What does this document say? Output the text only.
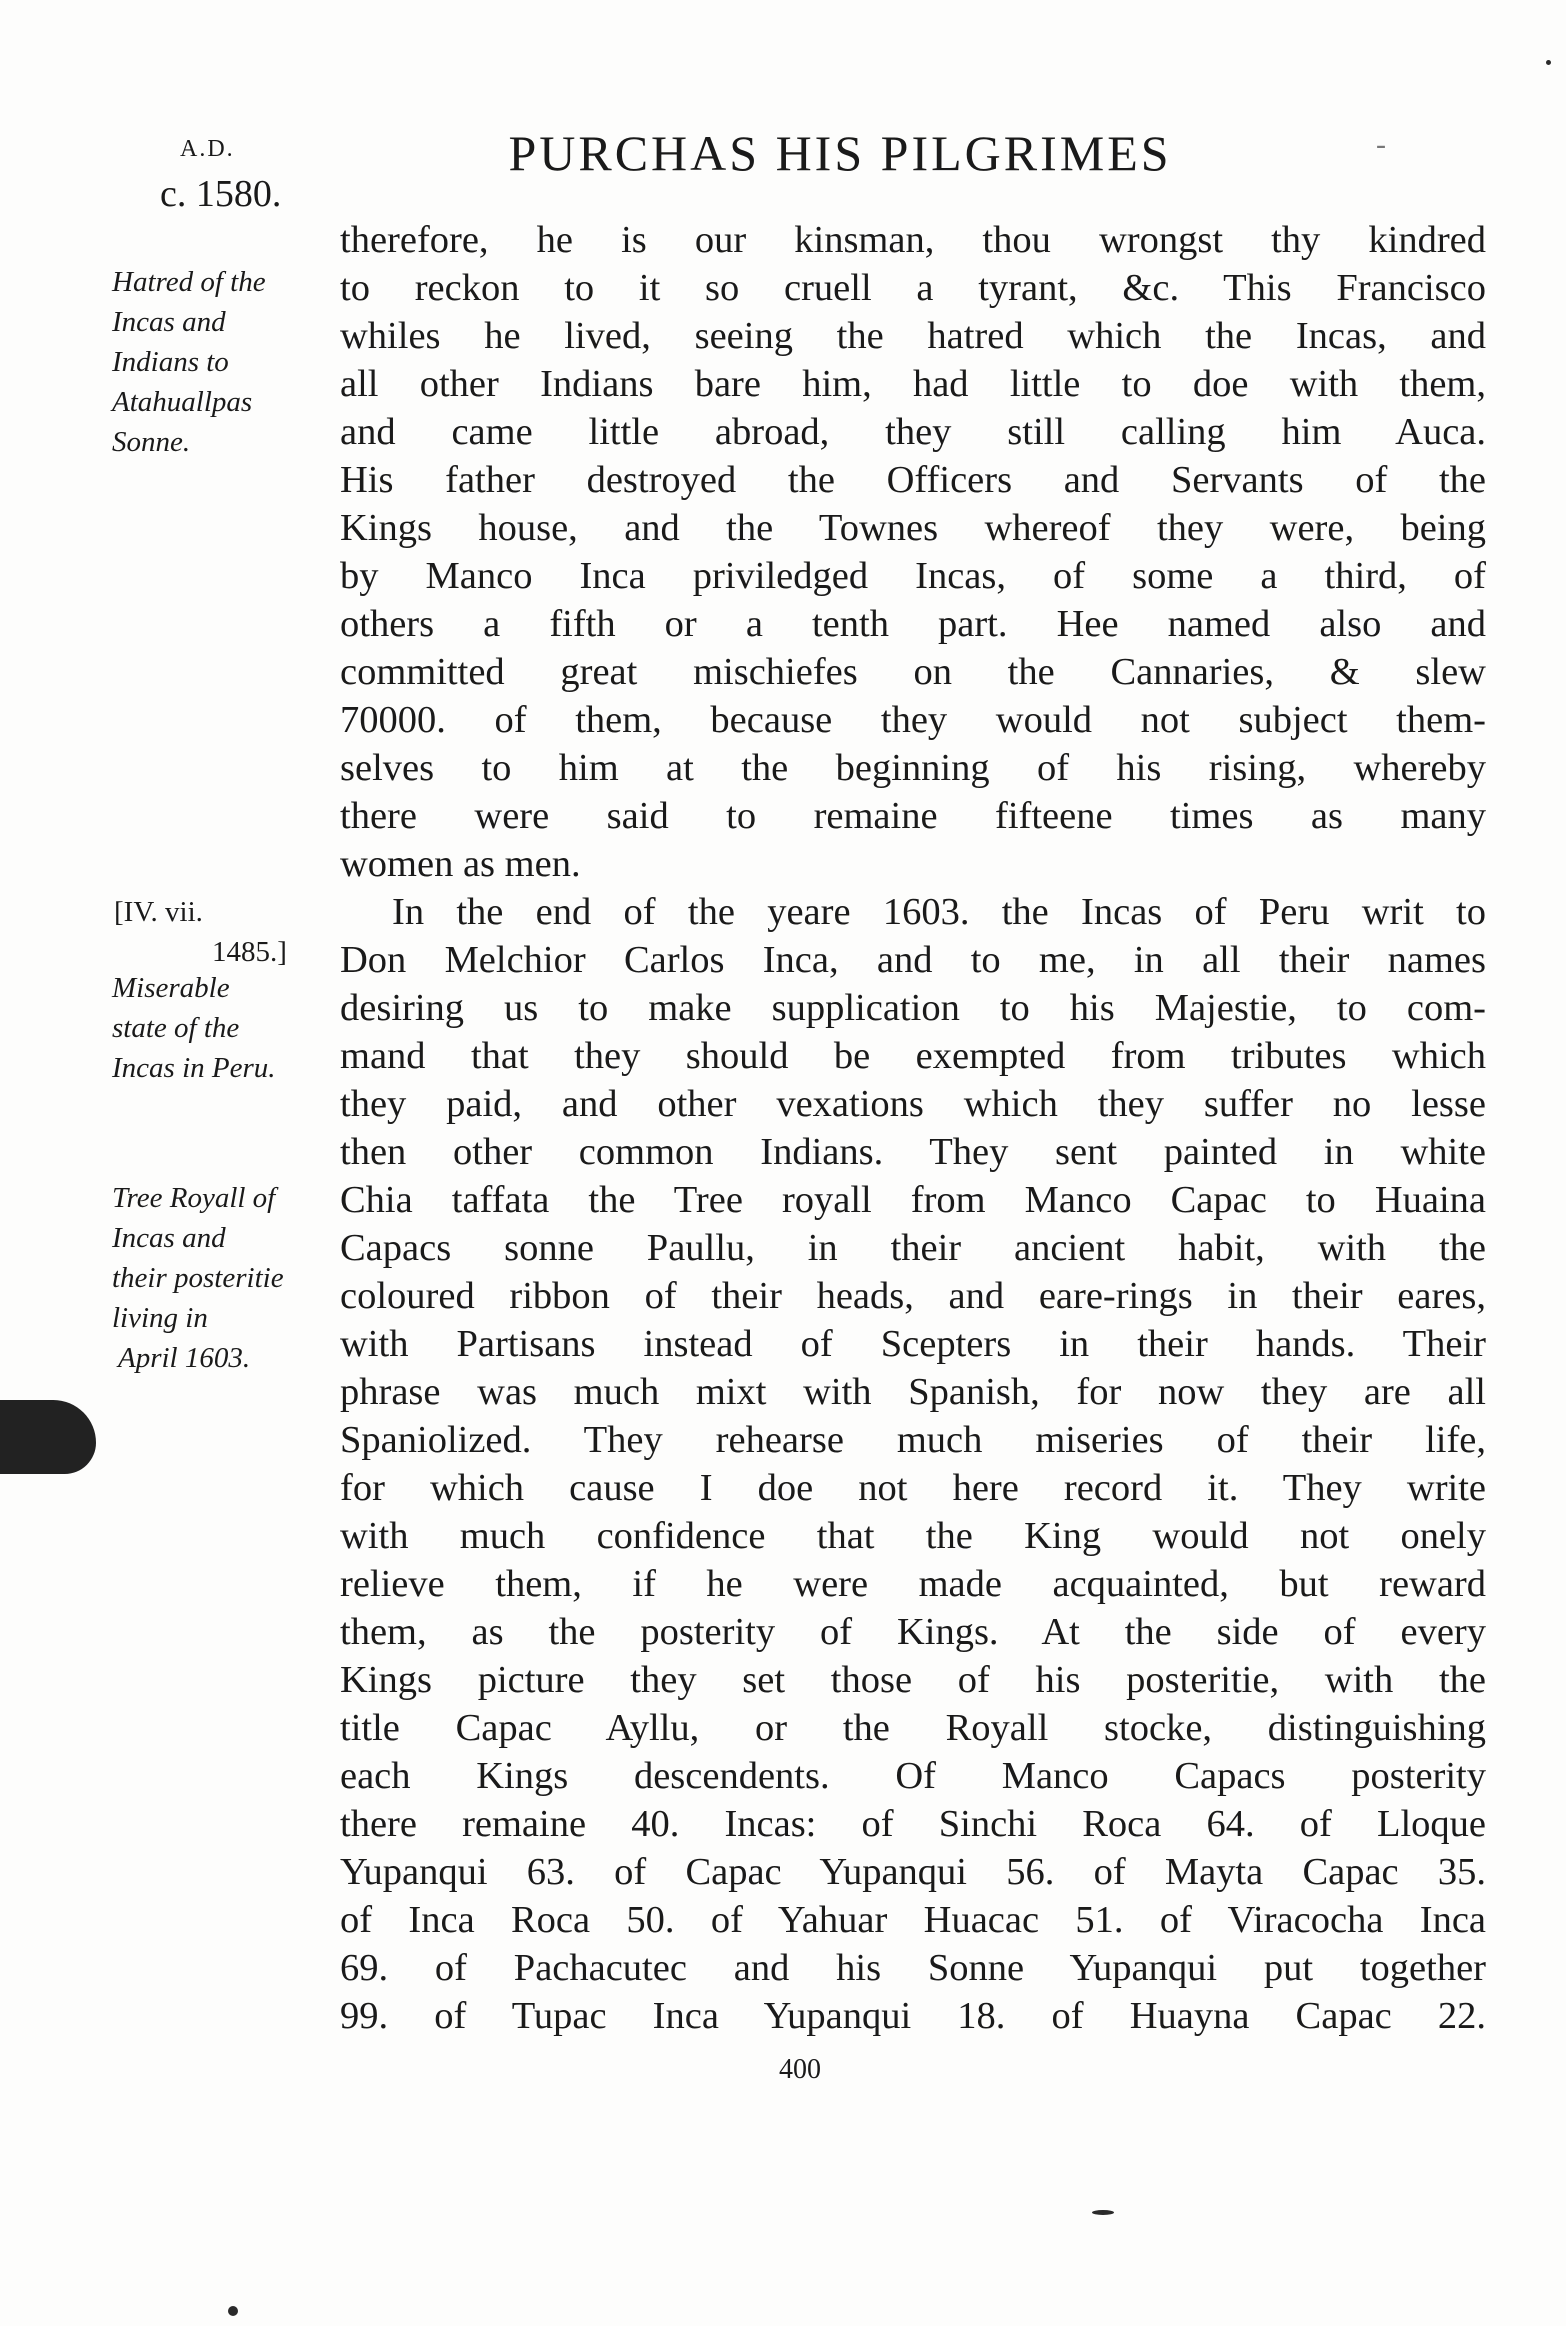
A.D.
c. 1580.
PURCHAS HIS PILGRIMES	-
Hatred of the
Incas and
Indians to
Atahuallpas
Sonne.
[IV. vii.
1485.]
Miserable
state of the
Incas in Peru.
Tree Royall of
Incas and
their posteritie
living in
April 1603.
therefore, he is our kinsman, thou wrongst thy kindred
to reckon to it so cruell a tyrant, &c. This Francisco
whiles he lived, seeing the hatred which the Incas, and
all other Indians bare him, had little to doe with them,
and came little abroad, they still calling him Auca.
His father destroyed the Officers and Servants of the
Kings house, and the Townes whereof they were, being
by Manco Inca priviledged Incas, of some a third, of
others a fifth or a tenth part. Hee named also and
committed great mischiefes on the Cannaries, & slew
70000. of them, because they would not subject them-
selves to him at the beginning of his rising, whereby
there were said to remaine fifteene times as many
women as men.
In the end of the yeare 1603. the Incas of Peru writ to
Don Melchior Carlos Inca, and to me, in all their names
desiring us to make supplication to his Majestie, to com-
mand that they should be exempted from tributes which
they paid, and other vexations which they suffer no lesse
then other common Indians. They sent painted in white
Chia taffata the Tree royall from Manco Capac to Huaina
Capacs sonne Paullu, in their ancient habit, with the
coloured ribbon of their heads, and eare-rings in their eares,
with Partisans instead of Scepters in their hands. Their
phrase was much mixt with Spanish, for now they are all
Spaniolized. They rehearse much miseries of their life,
for which cause I doe not here record it. They write
with much confidence that the King would not onely
relieve them, if he were made acquainted, but reward
them, as the posterity of Kings. At the side of every
Kings picture they set those of his posteritie, with the
title Capac Ayllu, or the Royall stocke, distinguishing
each Kings descendents. Of Manco Capacs posterity
there remaine 40. Incas: of Sinchi Roca 64. of Lloque
Yupanqui 63. of Capac Yupanqui 56. of Mayta Capac 35.
of Inca Roca 50. of Yahuar Huacac 51. of Viracocha Inca
69. of Pachacutec and his Sonne Yupanqui put together
99. of Tupac Inca Yupanqui 18. of Huayna Capac 22.
400
